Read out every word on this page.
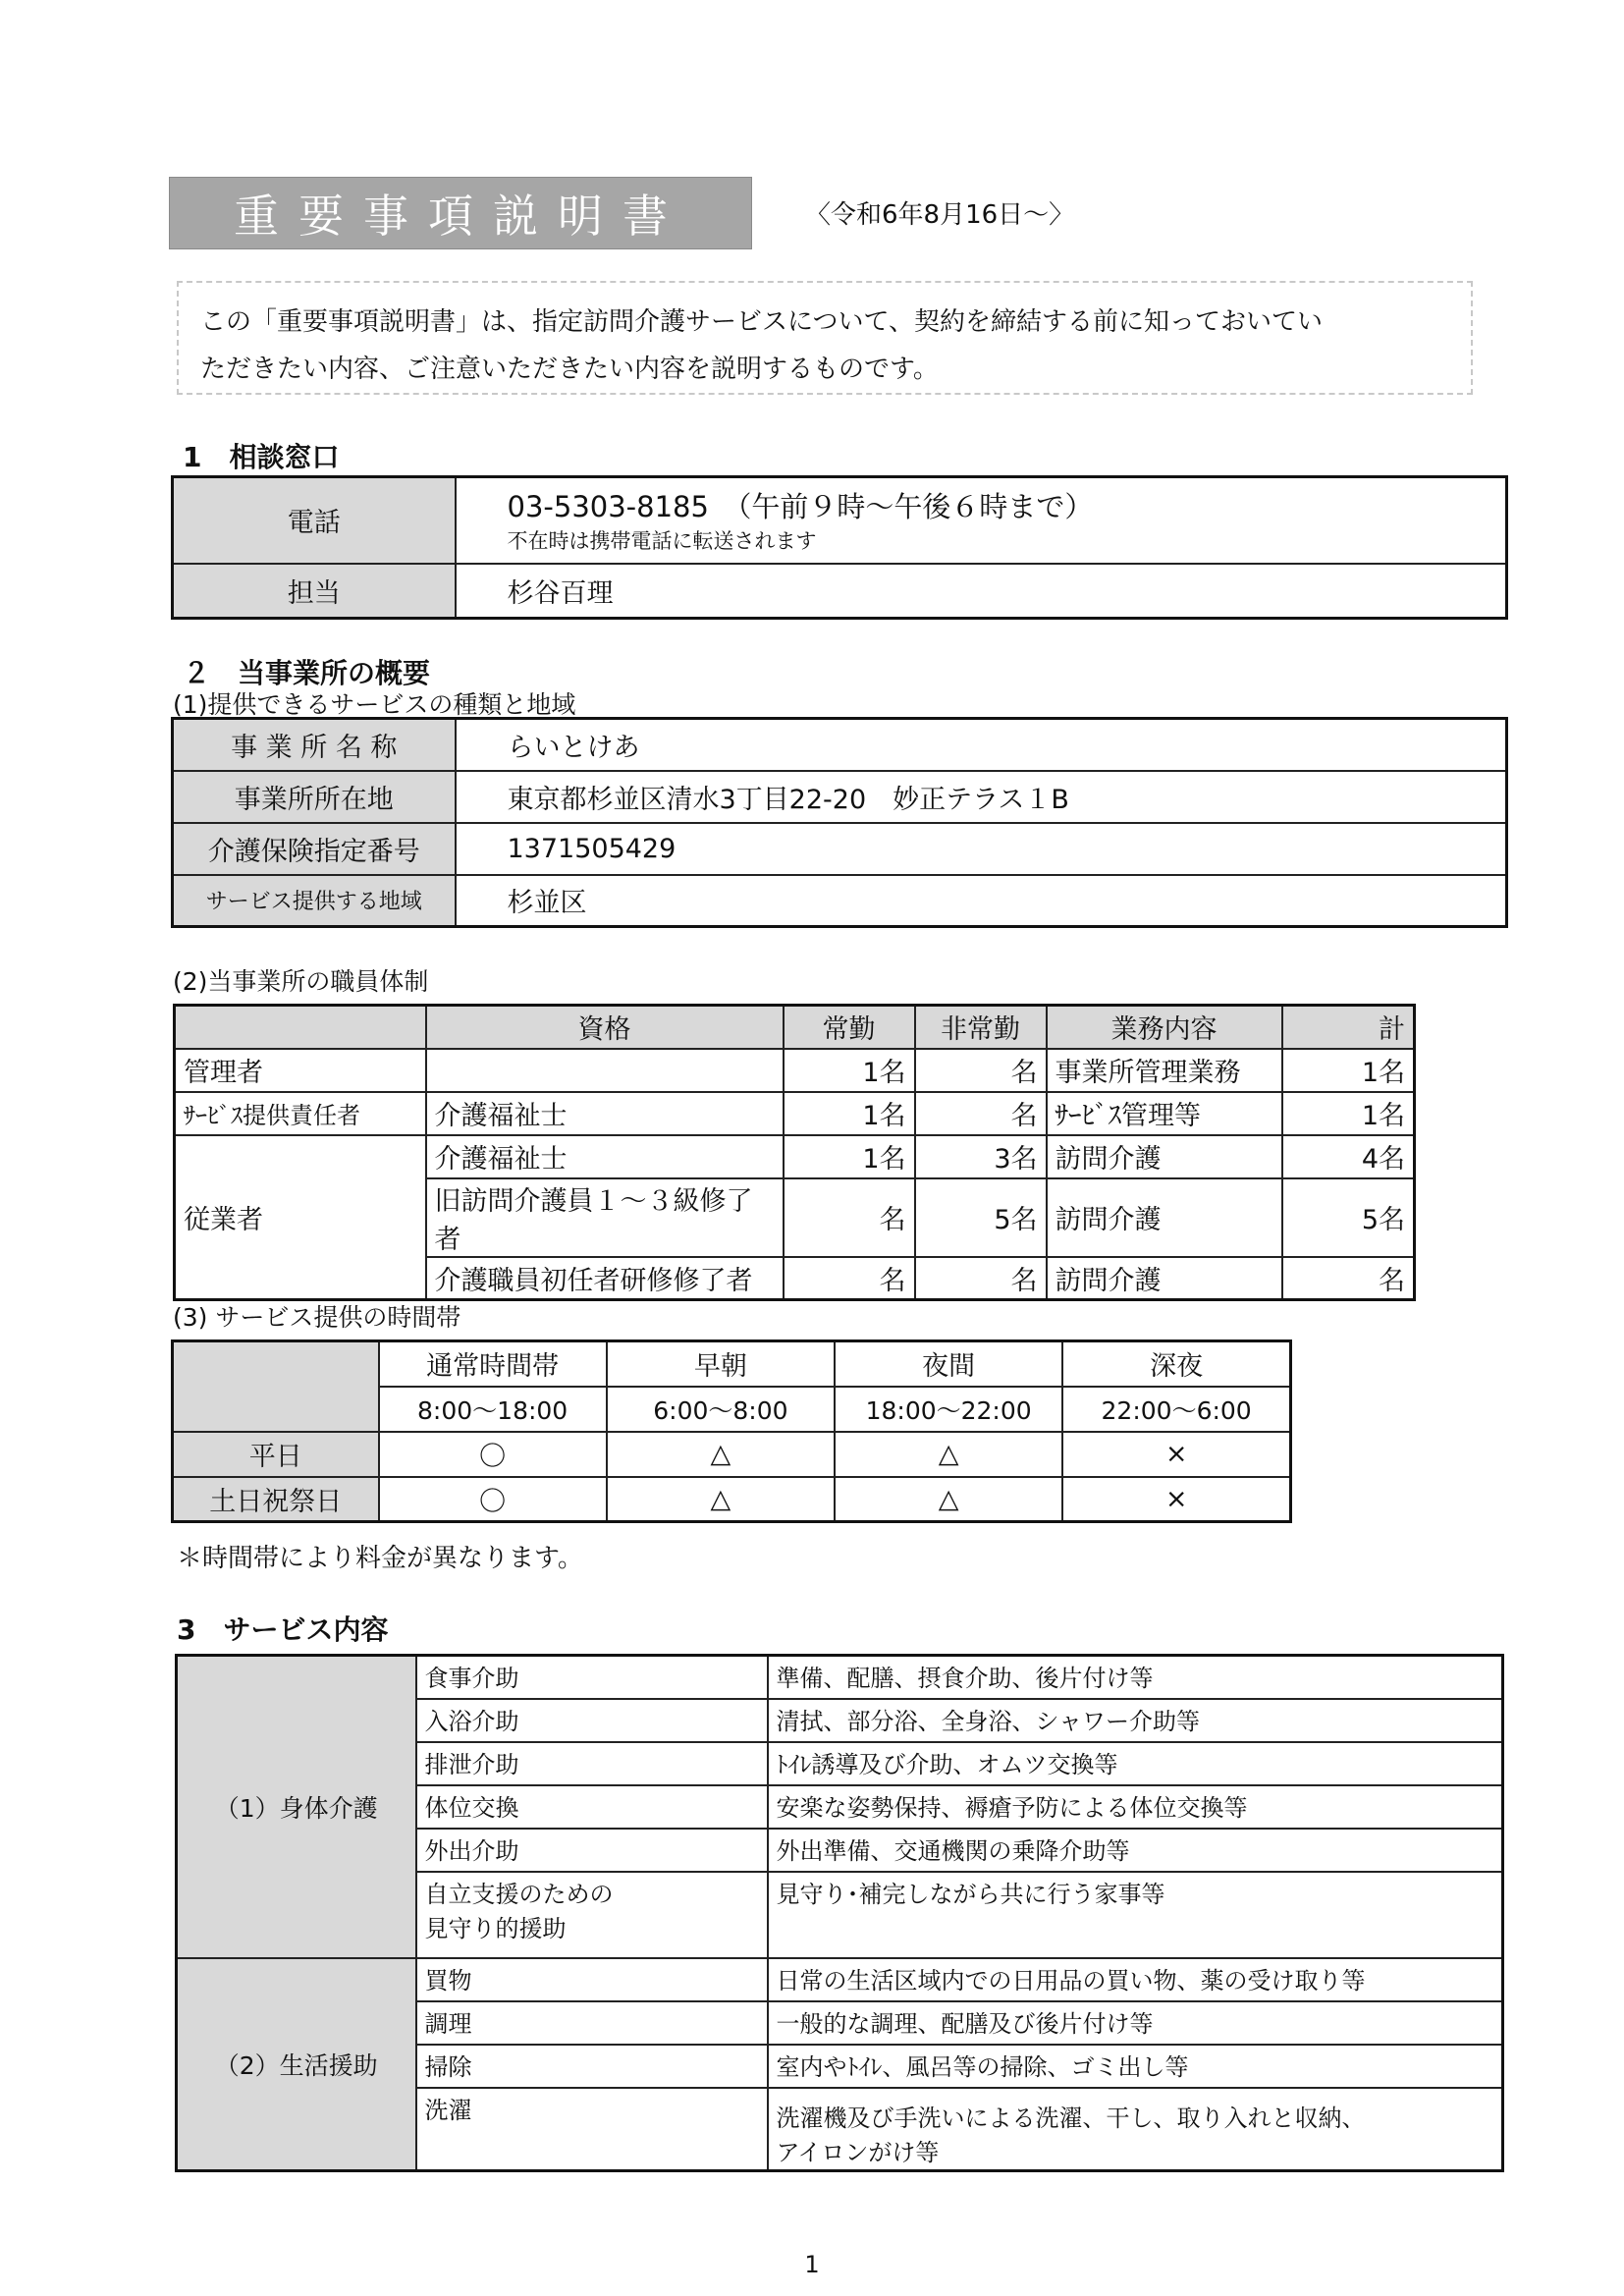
重要事項説明書	〈令和6年8月16日～〉
この「重要事項説明書」は、指定訪問介護サービスについて、契約を締結する前に知っておいてい
ただきたい内容、ご注意いただきたい内容を説明するものです。
1　相談窓口
電話	03-5303-8185　（午前９時～午後６時まで）
不在時は携帯電話に転送されます

担当	杉谷百理
２　当事業所の概要
(1)提供できるサービスの種類と地域
事 業 所 名 称	らいとけあ
事業所所在地	東京都杉並区清水3丁目22-20　妙正テラス１B
介護保険指定番号	1371505429
サービス提供する地域	杉並区
(2)当事業所の職員体制
	資格	常勤	非常勤	業務内容	計
管理者		1名	名	事業所管理業務	1名
ｻｰﾋﾞｽ提供責任者	介護福祉士	1名	名	ｻｰﾋﾞｽ管理等	1名
従業者	介護福祉士	1名	3名	訪問介護	4名
	旧訪問介護員１～３級修了者	名	5名	訪問介護	5名
	介護職員初任者研修修了者	名	名	訪問介護	名
(3) サービス提供の時間帯
	通常時間帯	早朝	夜間	深夜
	8:00～18:00	6:00～8:00	18:00～22:00	22:00～6:00
平日	〇	△	△	×
土日祝祭日	〇	△	△	×
＊時間帯により料金が異なります。
3　サービス内容
（1）身体介護	食事介助	準備、配膳、摂食介助、後片付け等
	入浴介助	清拭、部分浴、全身浴、シャワー介助等
	排泄介助	ﾄｲﾚ誘導及び介助、オムツ交換等
	体位交換	安楽な姿勢保持、褥瘡予防による体位交換等
	外出介助	外出準備、交通機関の乗降介助等

	自立支援のための
見守り的援助	見守り･補完しながら共に行う家事等
（2）生活援助	買物	日常の生活区域内での日用品の買い物、薬の受け取り等
	調理	一般的な調理、配膳及び後片付け等
	掃除	室内やﾄｲﾚ、風呂等の掃除、ゴミ出し等
	洗濯	洗濯機及び手洗いによる洗濯、干し、取り入れと収納、
アイロンがけ等
1
